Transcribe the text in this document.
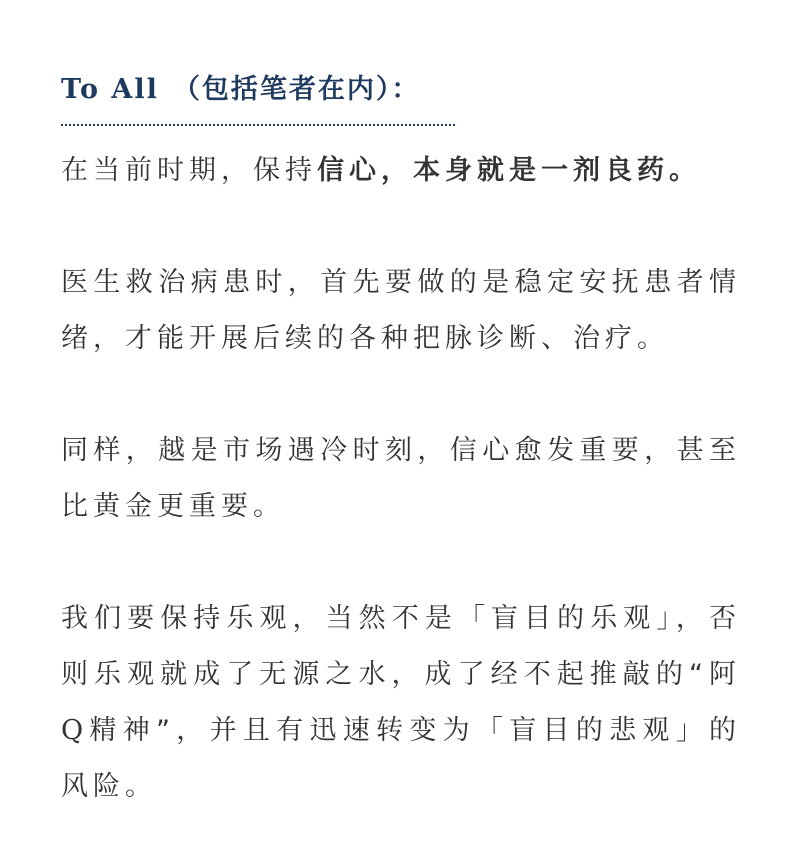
To All （包括笔者在内）：

在当前时期，保持信心，本身就是一剂良药。

医生救治病患时，首先要做的是稳定安抚患者情绪，才能开展后续的各种把脉诊断、治疗。

同样，越是市场遇冷时刻，信心愈发重要，甚至比黄金更重要。

我们要保持乐观，当然不是「盲目的乐观」，否则乐观就成了无源之水，成了经不起推敲的“阿Q精神”，并且有迅速转变为「盲目的悲观」的风险。
